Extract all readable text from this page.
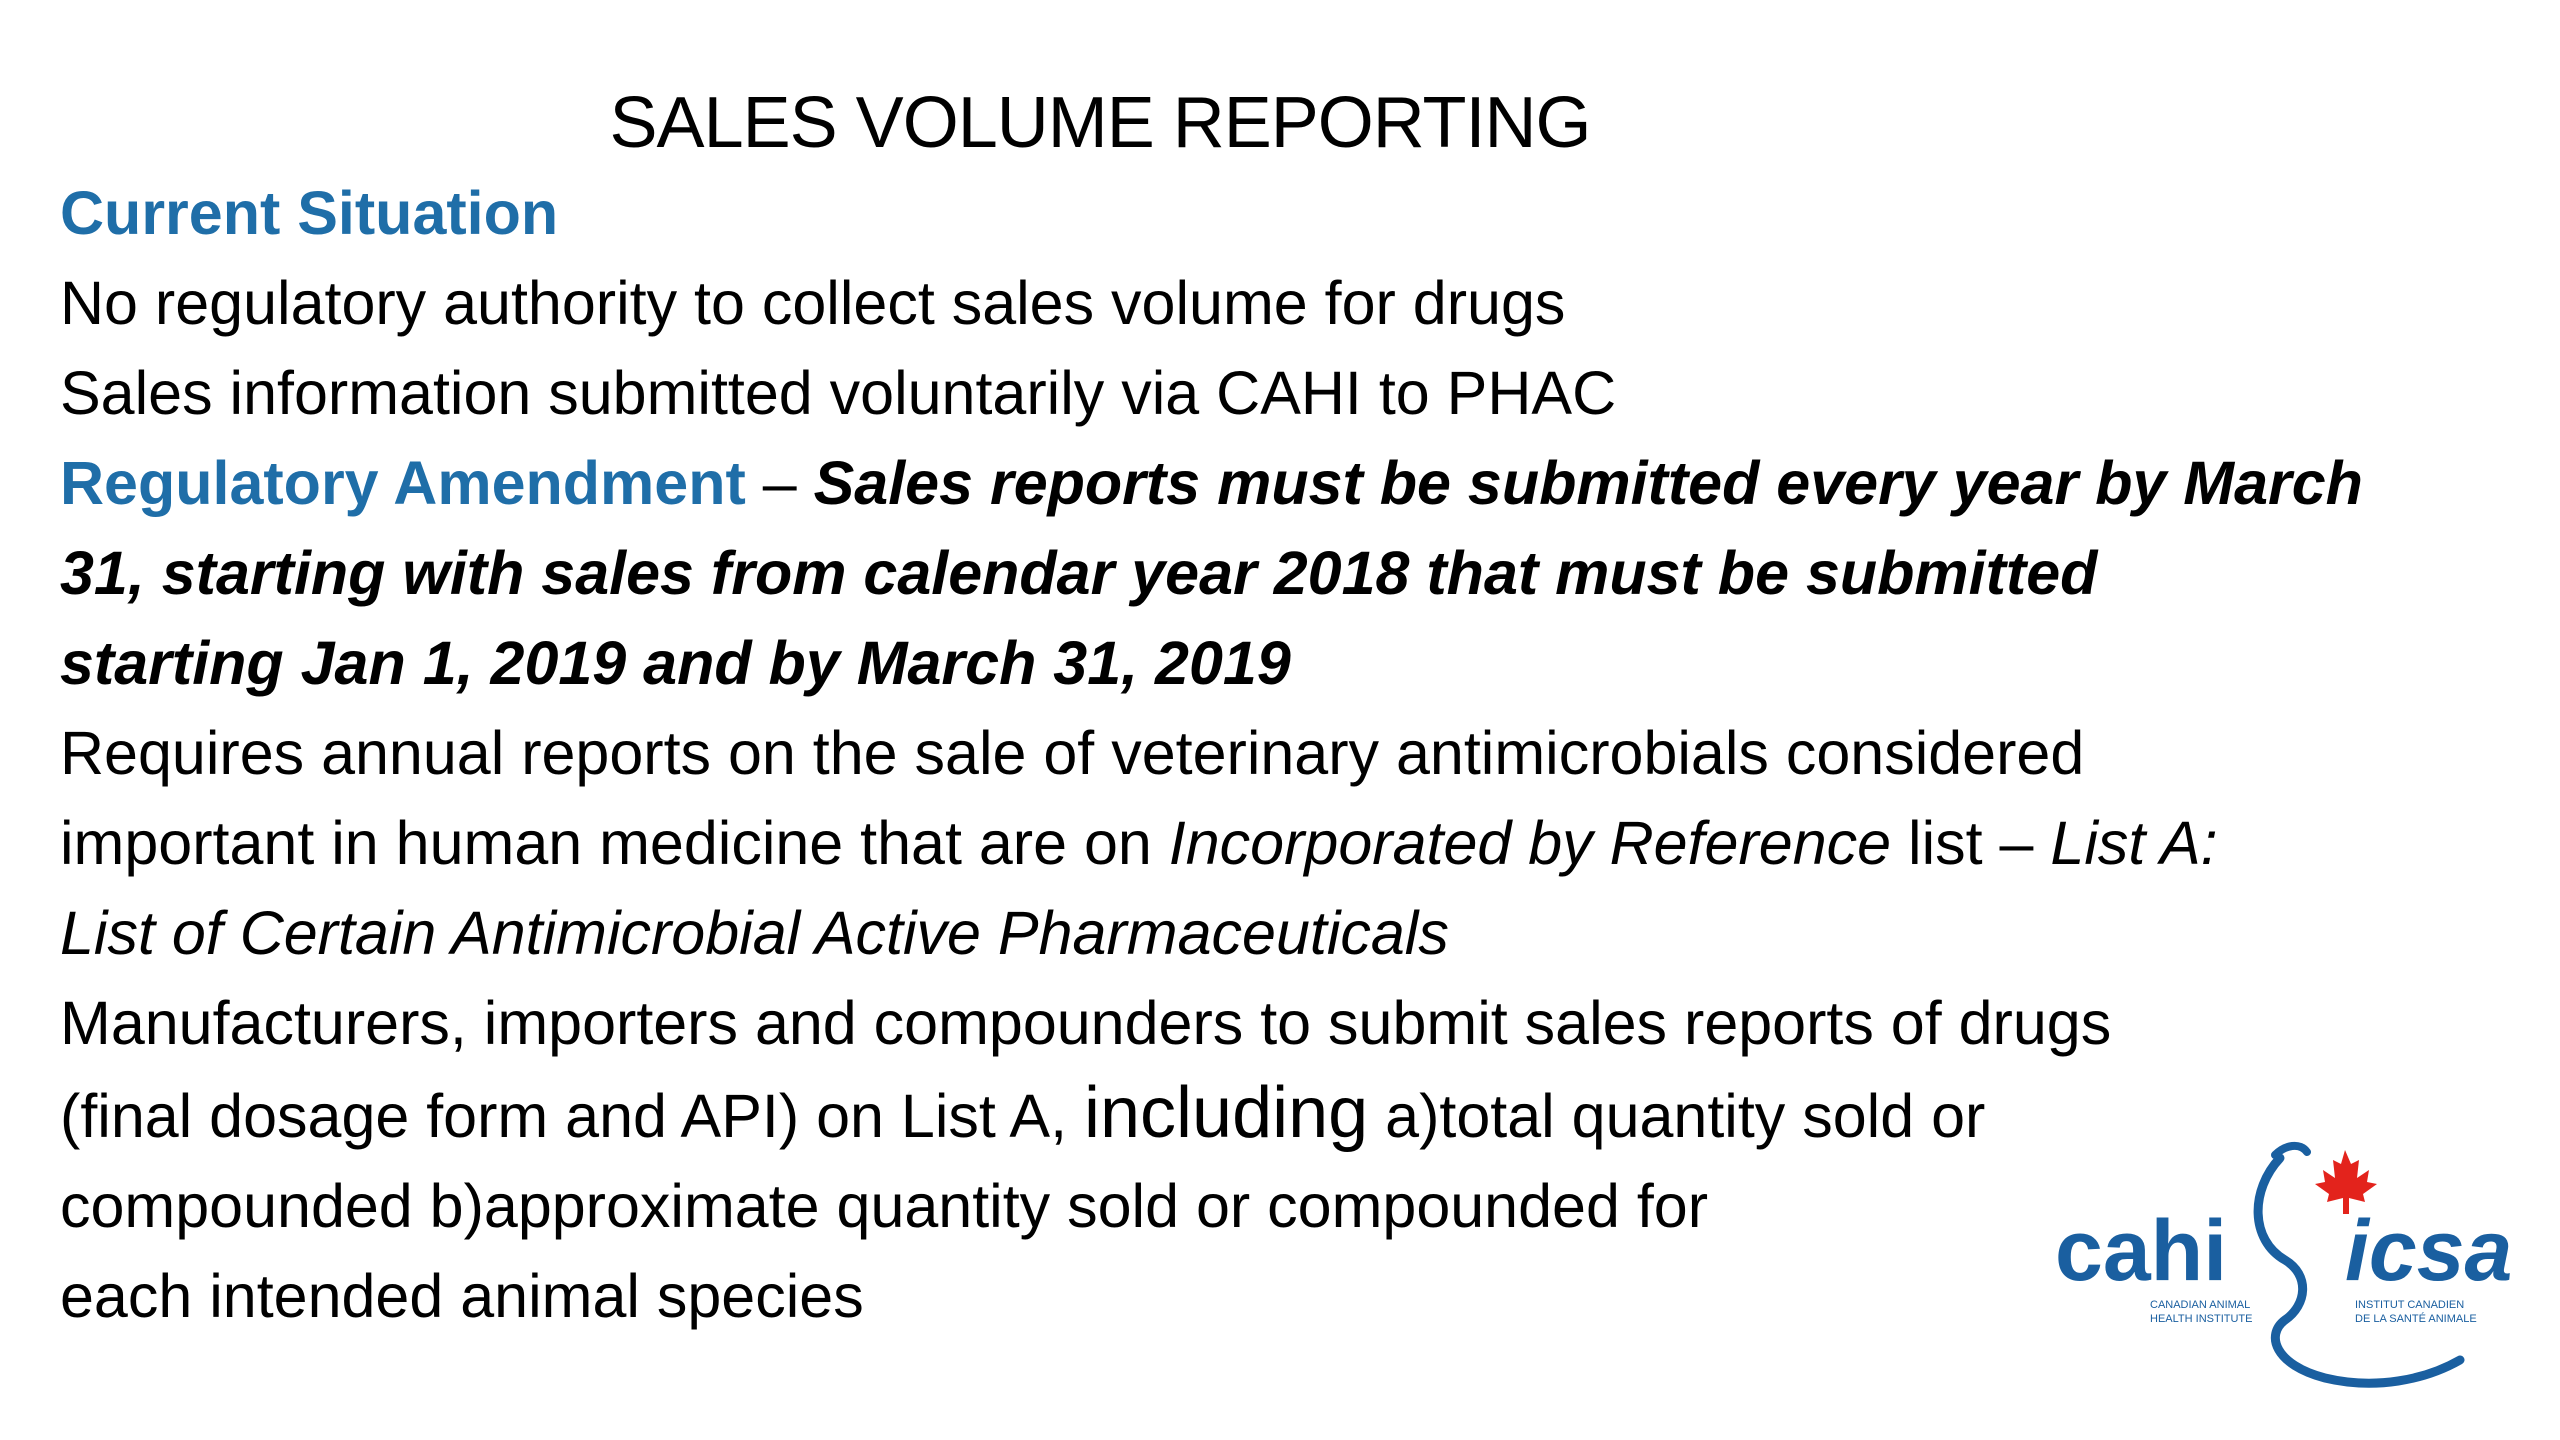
SALES VOLUME REPORTING
Current Situation
No regulatory authority to collect sales volume for drugs
Sales information submitted voluntarily via CAHI to PHAC
Regulatory Amendment – Sales reports must be submitted every year by March
31, starting with sales from calendar year 2018 that must be submitted
starting Jan 1, 2019 and by March 31, 2019
Requires annual reports on the sale of veterinary antimicrobials considered
important in human medicine that are on Incorporated by Reference list – List A:
List of Certain Antimicrobial Active Pharmaceuticals
Manufacturers, importers and compounders to submit sales reports of drugs
(final dosage form and API) on List A, including a)total quantity sold or
compounded b)approximate quantity sold or compounded for
each intended animal species	cahi icsa
CANADIAN ANIMAL
HEALTH INSTITUTE
INSTITUT CANADIEN
DE LA SANTÉ ANIMALE
